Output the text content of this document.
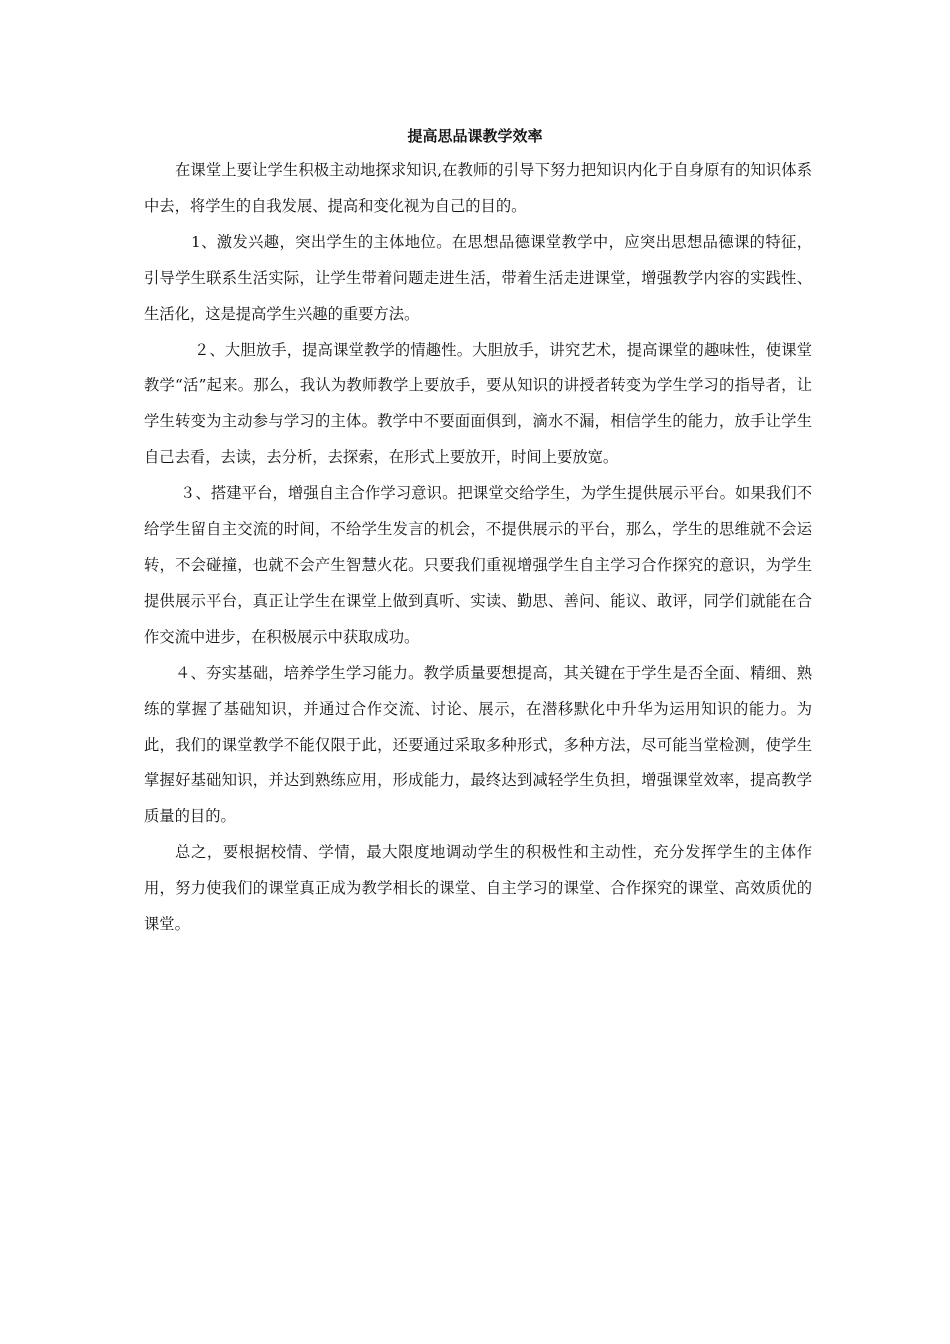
提高思品课教学效率

在课堂上要让学生积极主动地探求知识,在教师的引导下努力把知识内化于自身原有的知识体系中去，将学生的自我发展、提高和变化视为自己的目的。

1、激发兴趣，突出学生的主体地位。在思想品德课堂教学中，应突出思想品德课的特征，引导学生联系生活实际，让学生带着问题走进生活，带着生活走进课堂，增强教学内容的实践性、生活化，这是提高学生兴趣的重要方法。

２、大胆放手，提高课堂教学的情趣性。大胆放手，讲究艺术，提高课堂的趣味性，使课堂教学“活”起来。那么，我认为教师教学上要放手，要从知识的讲授者转变为学生学习的指导者，让学生转变为主动参与学习的主体。教学中不要面面俱到，滴水不漏，相信学生的能力，放手让学生自己去看，去读，去分析，去探索，在形式上要放开，时间上要放宽。

３、搭建平台，增强自主合作学习意识。把课堂交给学生，为学生提供展示平台。如果我们不给学生留自主交流的时间，不给学生发言的机会，不提供展示的平台，那么，学生的思维就不会运转，不会碰撞，也就不会产生智慧火花。只要我们重视增强学生自主学习合作探究的意识，为学生提供展示平台，真正让学生在课堂上做到真听、实读、勤思、善问、能议、敢评，同学们就能在合作交流中进步，在积极展示中获取成功。

４、夯实基础，培养学生学习能力。教学质量要想提高，其关键在于学生是否全面、精细、熟练的掌握了基础知识，并通过合作交流、讨论、展示，在潜移默化中升华为运用知识的能力。为此，我们的课堂教学不能仅限于此，还要通过采取多种形式，多种方法，尽可能当堂检测，使学生掌握好基础知识，并达到熟练应用，形成能力，最终达到减轻学生负担，增强课堂效率，提高教学质量的目的。

总之，要根据校情、学情，最大限度地调动学生的积极性和主动性，充分发挥学生的主体作用，努力使我们的课堂真正成为教学相长的课堂、自主学习的课堂、合作探究的课堂、高效质优的课堂。
